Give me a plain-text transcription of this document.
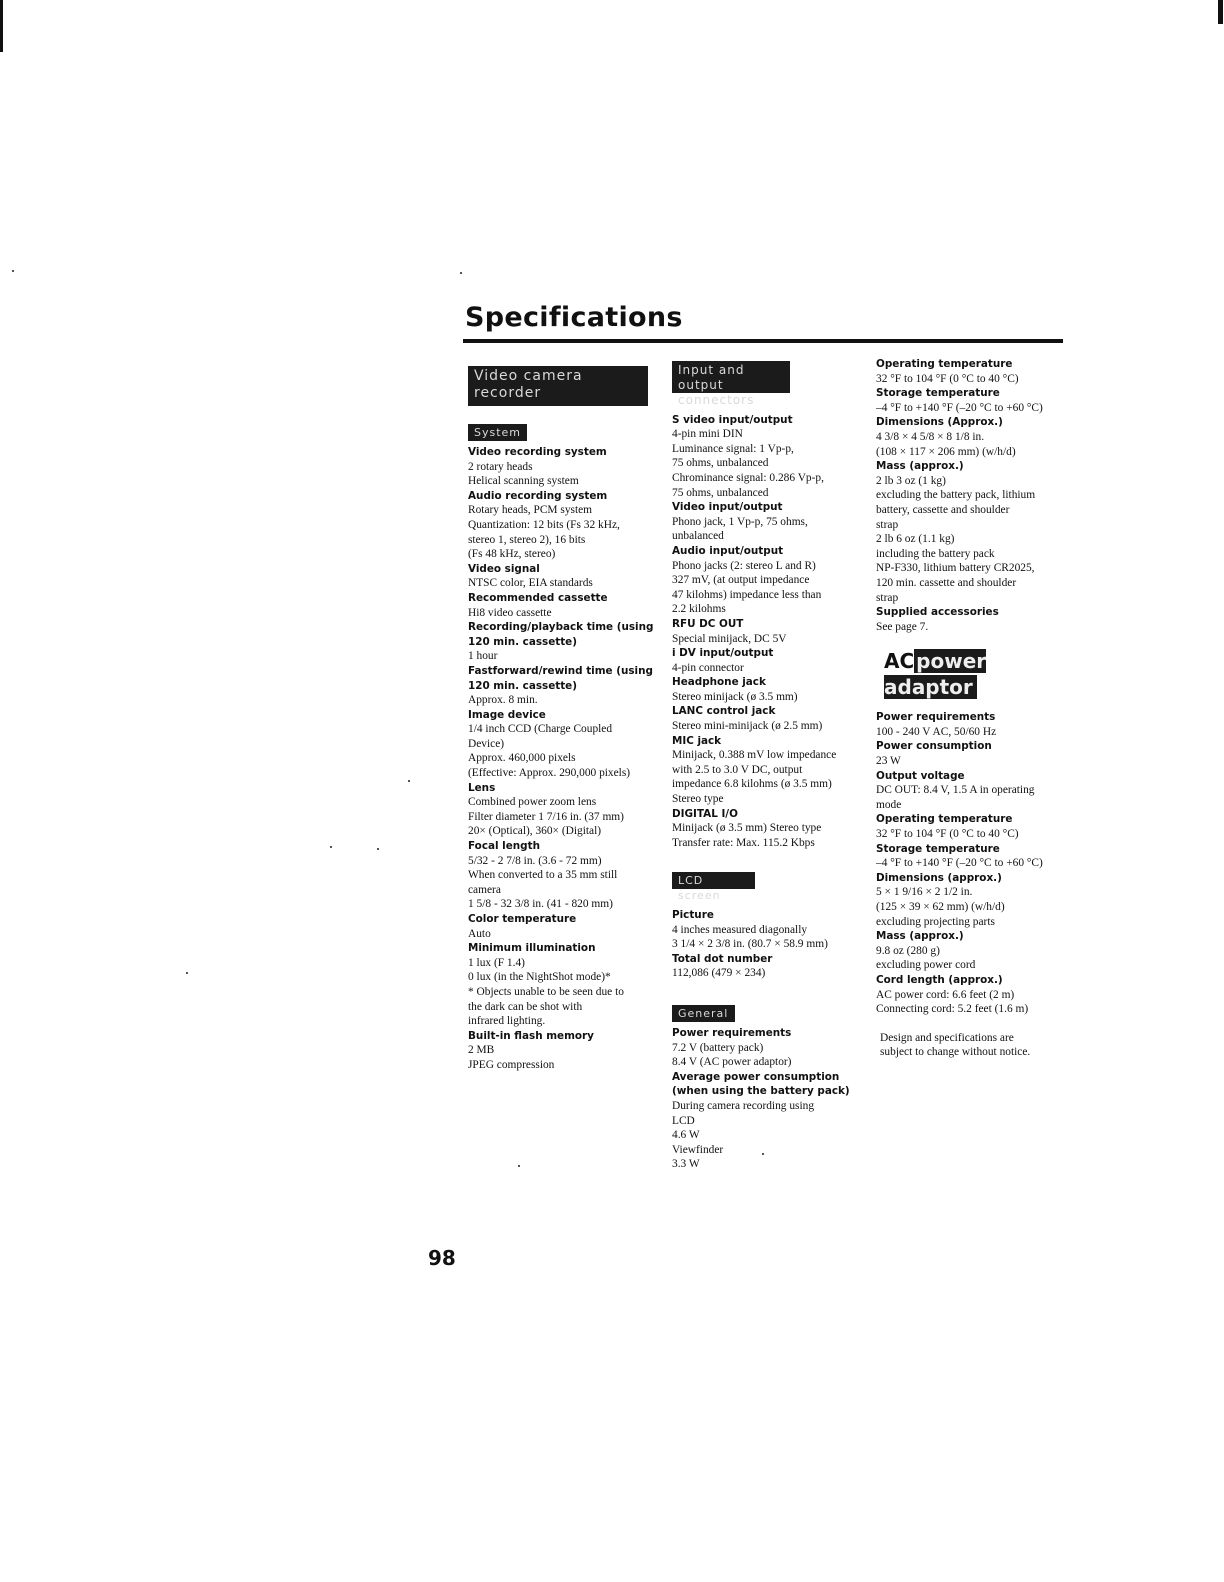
Specifications
Video camera
recorder
System
Video recording system
2 rotary heads
Helical scanning system
Audio recording system
Rotary heads, PCM system
Quantization: 12 bits (Fs 32 kHz,
stereo 1, stereo 2), 16 bits
(Fs 48 kHz, stereo)
Video signal
NTSC color, EIA standards
Recommended cassette
Hi8 video cassette
Recording/playback time (using
120 min. cassette)
1 hour
Fastforward/rewind time (using
120 min. cassette)
Approx. 8 min.
Image device
1/4 inch CCD (Charge Coupled
Device)
Approx. 460,000 pixels
(Effective: Approx. 290,000 pixels)
Lens
Combined power zoom lens
Filter diameter 1 7/16 in. (37 mm)
20× (Optical), 360× (Digital)
Focal length
5/32 - 2 7/8 in. (3.6 - 72 mm)
When converted to a 35 mm still
camera
1 5/8 - 32 3/8 in. (41 - 820 mm)
Color temperature
Auto
Minimum illumination
1 lux (F 1.4)
0 lux (in the NightShot mode)*
* Objects unable to be seen due to
the dark can be shot with
infrared lighting.
Built-in flash memory
2 MB
JPEG compression
Input and output
connectors
S video input/output
4-pin mini DIN
Luminance signal: 1 Vp-p,
75 ohms, unbalanced
Chrominance signal: 0.286 Vp-p,
75 ohms, unbalanced
Video input/output
Phono jack, 1 Vp-p, 75 ohms,
unbalanced
Audio input/output
Phono jacks (2: stereo L and R)
327 mV, (at output impedance
47 kilohms) impedance less than
2.2 kilohms
RFU DC OUT
Special minijack, DC 5V
i DV input/output
4-pin connector
Headphone jack
Stereo minijack (ø 3.5 mm)
LANC control jack
Stereo mini-minijack (ø 2.5 mm)
MIC jack
Minijack, 0.388 mV low impedance
with 2.5 to 3.0 V DC, output
impedance 6.8 kilohms (ø 3.5 mm)
Stereo type
DIGITAL I/O
Minijack (ø 3.5 mm) Stereo type
Transfer rate: Max. 115.2 Kbps
LCD screen
Picture
4 inches measured diagonally
3 1/4 × 2 3/8 in. (80.7 × 58.9 mm)
Total dot number
112,086 (479 × 234)
General
Power requirements
7.2 V (battery pack)
8.4 V (AC power adaptor)
Average power consumption
(when using the battery pack)
During camera recording using
LCD
4.6 W
Viewfinder
3.3 W
Operating temperature
32 °F to 104 °F (0 °C to 40 °C)
Storage temperature
–4 °F to +140 °F (–20 °C to +60 °C)
Dimensions (Approx.)
4 3/8 × 4 5/8 × 8 1/8 in.
(108 × 117 × 206 mm) (w/h/d)
Mass (approx.)
2 lb 3 oz (1 kg)
excluding the battery pack, lithium
battery, cassette and shoulder
strap
2 lb 6 oz (1.1 kg)
including the battery pack
NP-F330, lithium battery CR2025,
120 min. cassette and shoulder
strap
Supplied accessories
See page 7.
AC power adaptor
Power requirements
100 - 240 V AC, 50/60 Hz
Power consumption
23 W
Output voltage
DC OUT: 8.4 V, 1.5 A in operating
mode
Operating temperature
32 °F to 104 °F (0 °C to 40 °C)
Storage temperature
–4 °F to +140 °F (–20 °C to +60 °C)
Dimensions (approx.)
5 × 1 9/16 × 2 1/2 in.
(125 × 39 × 62 mm) (w/h/d)
excluding projecting parts
Mass (approx.)
9.8 oz (280 g)
excluding power cord
Cord length (approx.)
AC power cord: 6.6 feet (2 m)
Connecting cord: 5.2 feet (1.6 m)
Design and specifications are
subject to change without notice.
98
